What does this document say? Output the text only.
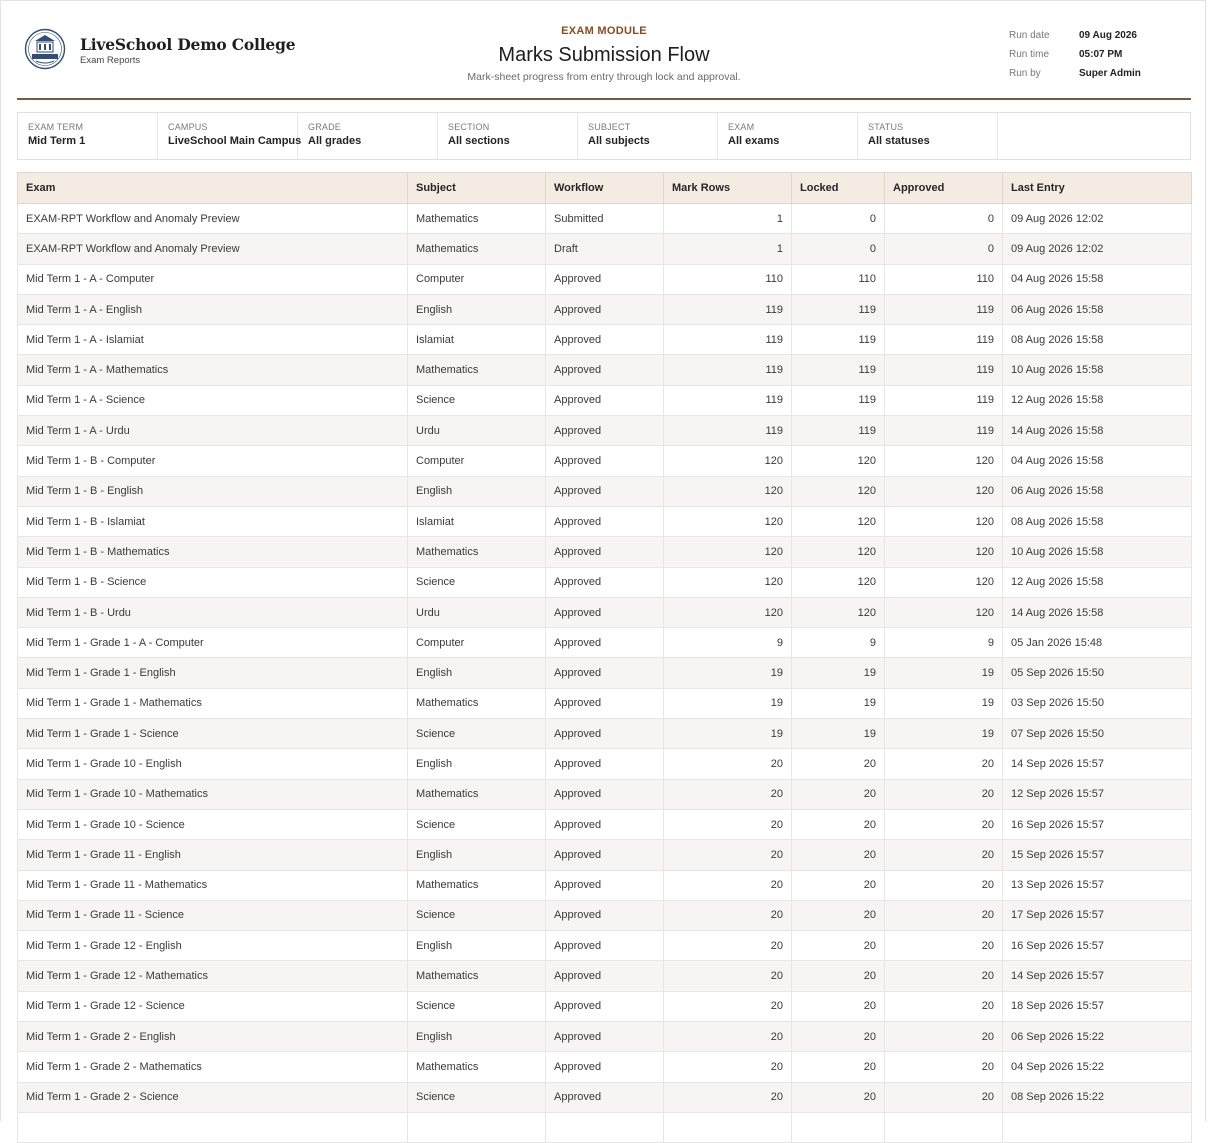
LiveSchool Demo College
Exam Reports
EXAM MODULE
Marks Submission Flow
Mark-sheet progress from entry through lock and approval.
Run date	09 Aug 2026
Run time	05:07 PM
Run by	Super Admin
EXAM TERM
Mid Term 1
CAMPUS
LiveSchool Main Campus
GRADE
All grades
SECTION
All sections
SUBJECT
All subjects
EXAM
All exams
STATUS
All statuses
Exam	Subject	Workflow	Mark Rows	Locked	Approved	Last Entry
EXAM-RPT Workflow and Anomaly Preview	Mathematics	Submitted	1	0	0	09 Aug 2026 12:02
EXAM-RPT Workflow and Anomaly Preview	Mathematics	Draft	1	0	0	09 Aug 2026 12:02
Mid Term 1 - A - Computer	Computer	Approved	110	110	110	04 Aug 2026 15:58
Mid Term 1 - A - English	English	Approved	119	119	119	06 Aug 2026 15:58
Mid Term 1 - A - Islamiat	Islamiat	Approved	119	119	119	08 Aug 2026 15:58
Mid Term 1 - A - Mathematics	Mathematics	Approved	119	119	119	10 Aug 2026 15:58
Mid Term 1 - A - Science	Science	Approved	119	119	119	12 Aug 2026 15:58
Mid Term 1 - A - Urdu	Urdu	Approved	119	119	119	14 Aug 2026 15:58
Mid Term 1 - B - Computer	Computer	Approved	120	120	120	04 Aug 2026 15:58
Mid Term 1 - B - English	English	Approved	120	120	120	06 Aug 2026 15:58
Mid Term 1 - B - Islamiat	Islamiat	Approved	120	120	120	08 Aug 2026 15:58
Mid Term 1 - B - Mathematics	Mathematics	Approved	120	120	120	10 Aug 2026 15:58
Mid Term 1 - B - Science	Science	Approved	120	120	120	12 Aug 2026 15:58
Mid Term 1 - B - Urdu	Urdu	Approved	120	120	120	14 Aug 2026 15:58
Mid Term 1 - Grade 1 - A - Computer	Computer	Approved	9	9	9	05 Jan 2026 15:48
Mid Term 1 - Grade 1 - English	English	Approved	19	19	19	05 Sep 2026 15:50
Mid Term 1 - Grade 1 - Mathematics	Mathematics	Approved	19	19	19	03 Sep 2026 15:50
Mid Term 1 - Grade 1 - Science	Science	Approved	19	19	19	07 Sep 2026 15:50
Mid Term 1 - Grade 10 - English	English	Approved	20	20	20	14 Sep 2026 15:57
Mid Term 1 - Grade 10 - Mathematics	Mathematics	Approved	20	20	20	12 Sep 2026 15:57
Mid Term 1 - Grade 10 - Science	Science	Approved	20	20	20	16 Sep 2026 15:57
Mid Term 1 - Grade 11 - English	English	Approved	20	20	20	15 Sep 2026 15:57
Mid Term 1 - Grade 11 - Mathematics	Mathematics	Approved	20	20	20	13 Sep 2026 15:57
Mid Term 1 - Grade 11 - Science	Science	Approved	20	20	20	17 Sep 2026 15:57
Mid Term 1 - Grade 12 - English	English	Approved	20	20	20	16 Sep 2026 15:57
Mid Term 1 - Grade 12 - Mathematics	Mathematics	Approved	20	20	20	14 Sep 2026 15:57
Mid Term 1 - Grade 12 - Science	Science	Approved	20	20	20	18 Sep 2026 15:57
Mid Term 1 - Grade 2 - English	English	Approved	20	20	20	06 Sep 2026 15:22
Mid Term 1 - Grade 2 - Mathematics	Mathematics	Approved	20	20	20	04 Sep 2026 15:22
Mid Term 1 - Grade 2 - Science	Science	Approved	20	20	20	08 Sep 2026 15:22
